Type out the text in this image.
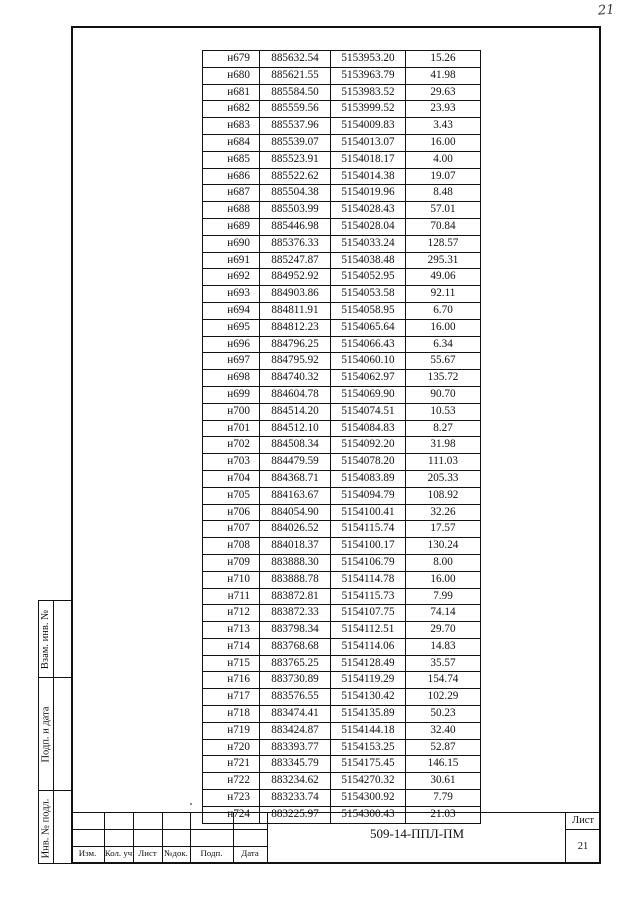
21
Взам. инв. №
Подп. и дата
Инв. № подл.
н679	885632.54	5153953.20	15.26
н680	885621.55	5153963.79	41.98
н681	885584.50	5153983.52	29.63
н682	885559.56	5153999.52	23.93
н683	885537.96	5154009.83	3.43
н684	885539.07	5154013.07	16.00
н685	885523.91	5154018.17	4.00
н686	885522.62	5154014.38	19.07
н687	885504.38	5154019.96	8.48
н688	885503.99	5154028.43	57.01
н689	885446.98	5154028.04	70.84
н690	885376.33	5154033.24	128.57
н691	885247.87	5154038.48	295.31
н692	884952.92	5154052.95	49.06
н693	884903.86	5154053.58	92.11
н694	884811.91	5154058.95	6.70
н695	884812.23	5154065.64	16.00
н696	884796.25	5154066.43	6.34
н697	884795.92	5154060.10	55.67
н698	884740.32	5154062.97	135.72
н699	884604.78	5154069.90	90.70
н700	884514.20	5154074.51	10.53
н701	884512.10	5154084.83	8.27
н702	884508.34	5154092.20	31.98
н703	884479.59	5154078.20	111.03
н704	884368.71	5154083.89	205.33
н705	884163.67	5154094.79	108.92
н706	884054.90	5154100.41	32.26
н707	884026.52	5154115.74	17.57
н708	884018.37	5154100.17	130.24
н709	883888.30	5154106.79	8.00
н710	883888.78	5154114.78	16.00
н711	883872.81	5154115.73	7.99
н712	883872.33	5154107.75	74.14
н713	883798.34	5154112.51	29.70
н714	883768.68	5154114.06	14.83
н715	883765.25	5154128.49	35.57
н716	883730.89	5154119.29	154.74
н717	883576.55	5154130.42	102.29
н718	883474.41	5154135.89	50.23
н719	883424.87	5154144.18	32.40
н720	883393.77	5154153.25	52.87
н721	883345.79	5154175.45	146.15
н722	883234.62	5154270.32	30.61
н723	883233.74	5154300.92	7.79
н724	883225.97	5154300.43	21.03
Изм. Кол. уч Лист №док.	Подп.	Дата
509-14-ППЛ-ПМ
Лист
21
